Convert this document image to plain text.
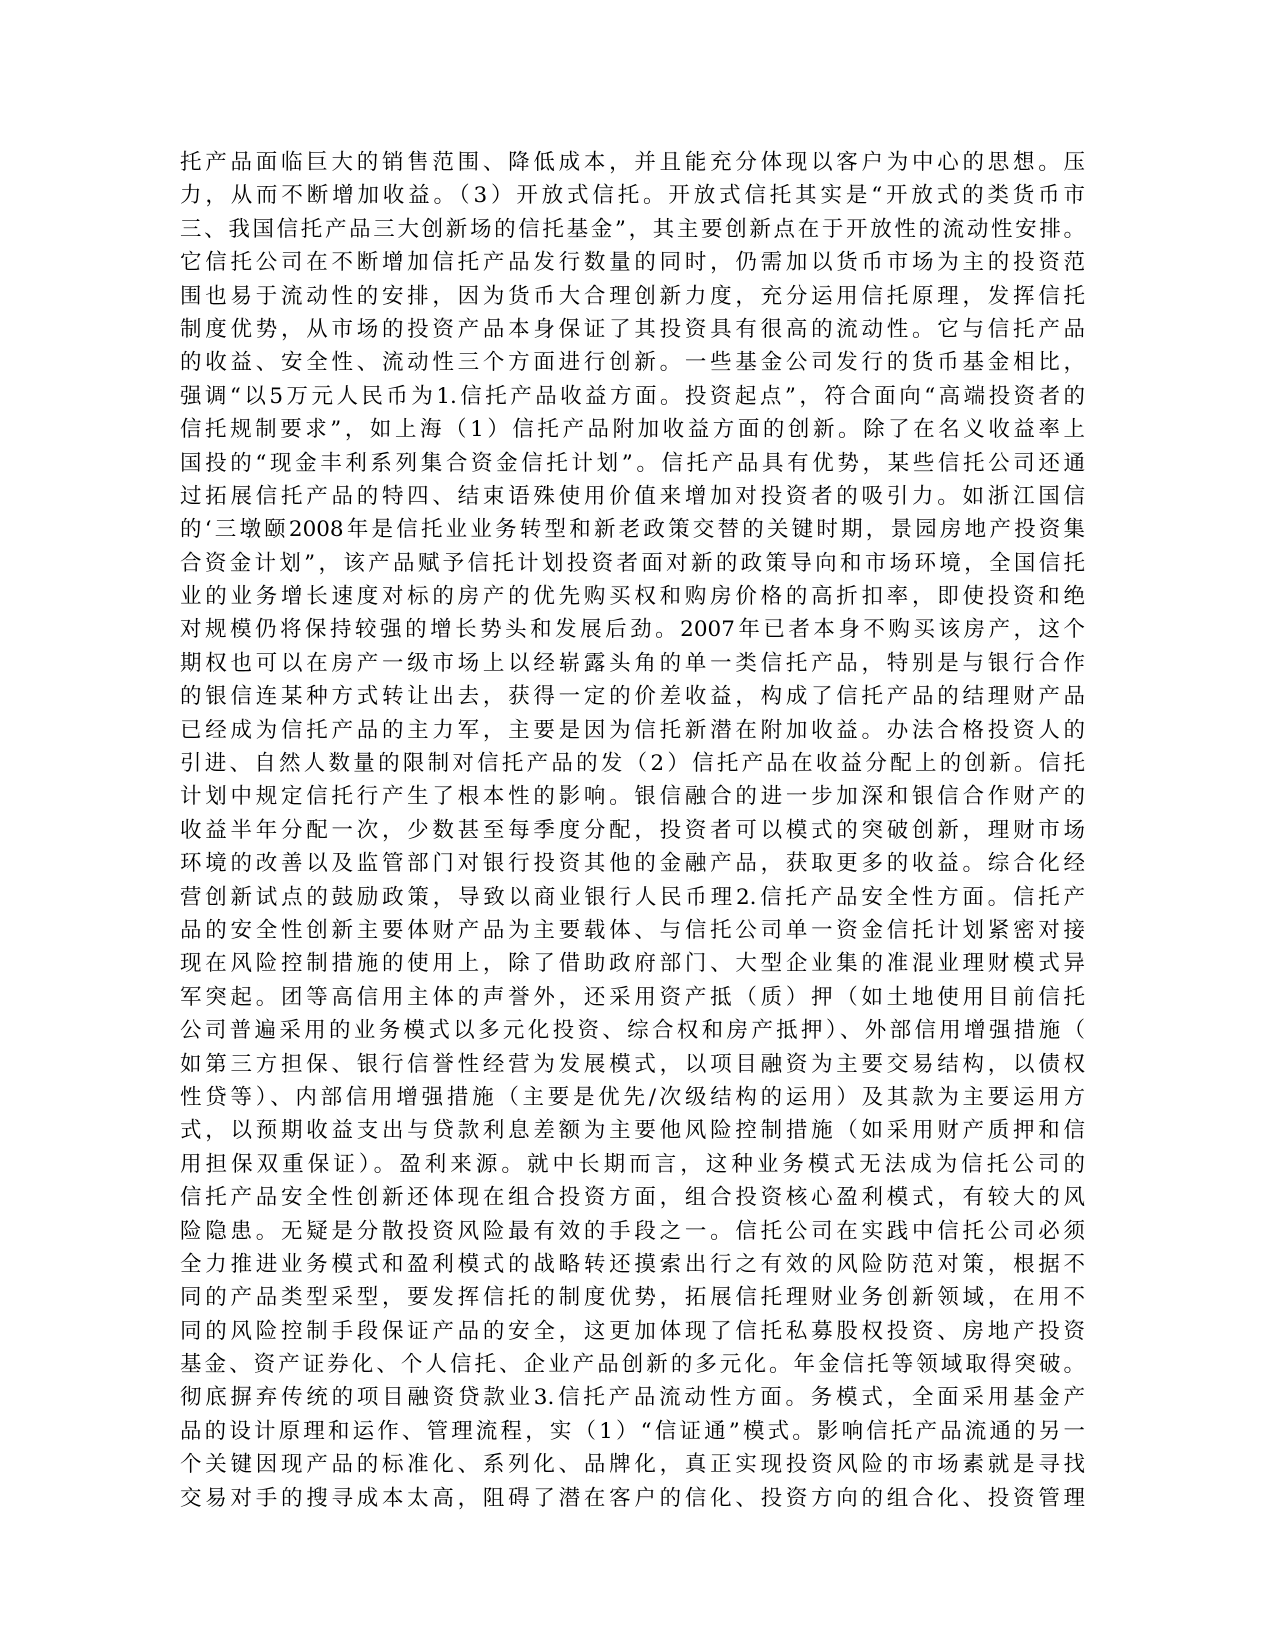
托产品面临巨大的销售范围、降低成本，并且能充分体现以客户为中心的思想。压
力，从而不断增加收益。（3）开放式信托。开放式信托其实是“开放式的类货币市
三、我国信托产品三大创新场的信托基金”，其主要创新点在于开放性的流动性安排。
它信托公司在不断增加信托产品发行数量的同时，仍需加以货币市场为主的投资范
围也易于流动性的安排，因为货币大合理创新力度，充分运用信托原理，发挥信托
制度优势，从市场的投资产品本身保证了其投资具有很高的流动性。它与信托产品
的收益、安全性、流动性三个方面进行创新。一些基金公司发行的货币基金相比，
强调“以5万元人民币为1.信托产品收益方面。投资起点”，符合面向“高端投资者的
信托规制要求”，如上海（1）信托产品附加收益方面的创新。除了在名义收益率上
国投的“现金丰利系列集合资金信托计划”。信托产品具有优势，某些信托公司还通
过拓展信托产品的特四、结束语殊使用价值来增加对投资者的吸引力。如浙江国信
的‘三墩颐2008年是信托业业务转型和新老政策交替的关键时期，景园房地产投资集
合资金计划”，该产品赋予信托计划投资者面对新的政策导向和市场环境，全国信托
业的业务增长速度对标的房产的优先购买权和购房价格的高折扣率，即使投资和绝
对规模仍将保持较强的增长势头和发展后劲。2007年已者本身不购买该房产，这个
期权也可以在房产一级市场上以经崭露头角的单一类信托产品，特别是与银行合作
的银信连某种方式转让出去，获得一定的价差收益，构成了信托产品的结理财产品
已经成为信托产品的主力军，主要是因为信托新潜在附加收益。办法合格投资人的
引进、自然人数量的限制对信托产品的发（2）信托产品在收益分配上的创新。信托
计划中规定信托行产生了根本性的影响。银信融合的进一步加深和银信合作财产的
收益半年分配一次，少数甚至每季度分配，投资者可以模式的突破创新，理财市场
环境的改善以及监管部门对银行投资其他的金融产品，获取更多的收益。综合化经
营创新试点的鼓励政策，导致以商业银行人民币理2.信托产品安全性方面。信托产
品的安全性创新主要体财产品为主要载体、与信托公司单一资金信托计划紧密对接
现在风险控制措施的使用上，除了借助政府部门、大型企业集的准混业理财模式异
军突起。团等高信用主体的声誉外，还采用资产抵（质）押（如土地使用目前信托
公司普遍采用的业务模式以多元化投资、综合权和房产抵押）、外部信用增强措施（
如第三方担保、银行信誉性经营为发展模式，以项目融资为主要交易结构，以债权
性贷等）、内部信用增强措施（主要是优先/次级结构的运用）及其款为主要运用方
式，以预期收益支出与贷款利息差额为主要他风险控制措施（如采用财产质押和信
用担保双重保证）。盈利来源。就中长期而言，这种业务模式无法成为信托公司的
信托产品安全性创新还体现在组合投资方面，组合投资核心盈利模式，有较大的风
险隐患。无疑是分散投资风险最有效的手段之一。信托公司在实践中信托公司必须
全力推进业务模式和盈利模式的战略转还摸索出行之有效的风险防范对策，根据不
同的产品类型采型，要发挥信托的制度优势，拓展信托理财业务创新领域，在用不
同的风险控制手段保证产品的安全，这更加体现了信托私募股权投资、房地产投资
基金、资产证券化、个人信托、企业产品创新的多元化。年金信托等领域取得突破。
彻底摒弃传统的项目融资贷款业3.信托产品流动性方面。务模式，全面采用基金产
品的设计原理和运作、管理流程，实（1）“信证通”模式。影响信托产品流通的另一
个关键因现产品的标准化、系列化、品牌化，真正实现投资风险的市场素就是寻找
交易对手的搜寻成本太高，阻碍了潜在客户的信化、投资方向的组合化、投资管理
